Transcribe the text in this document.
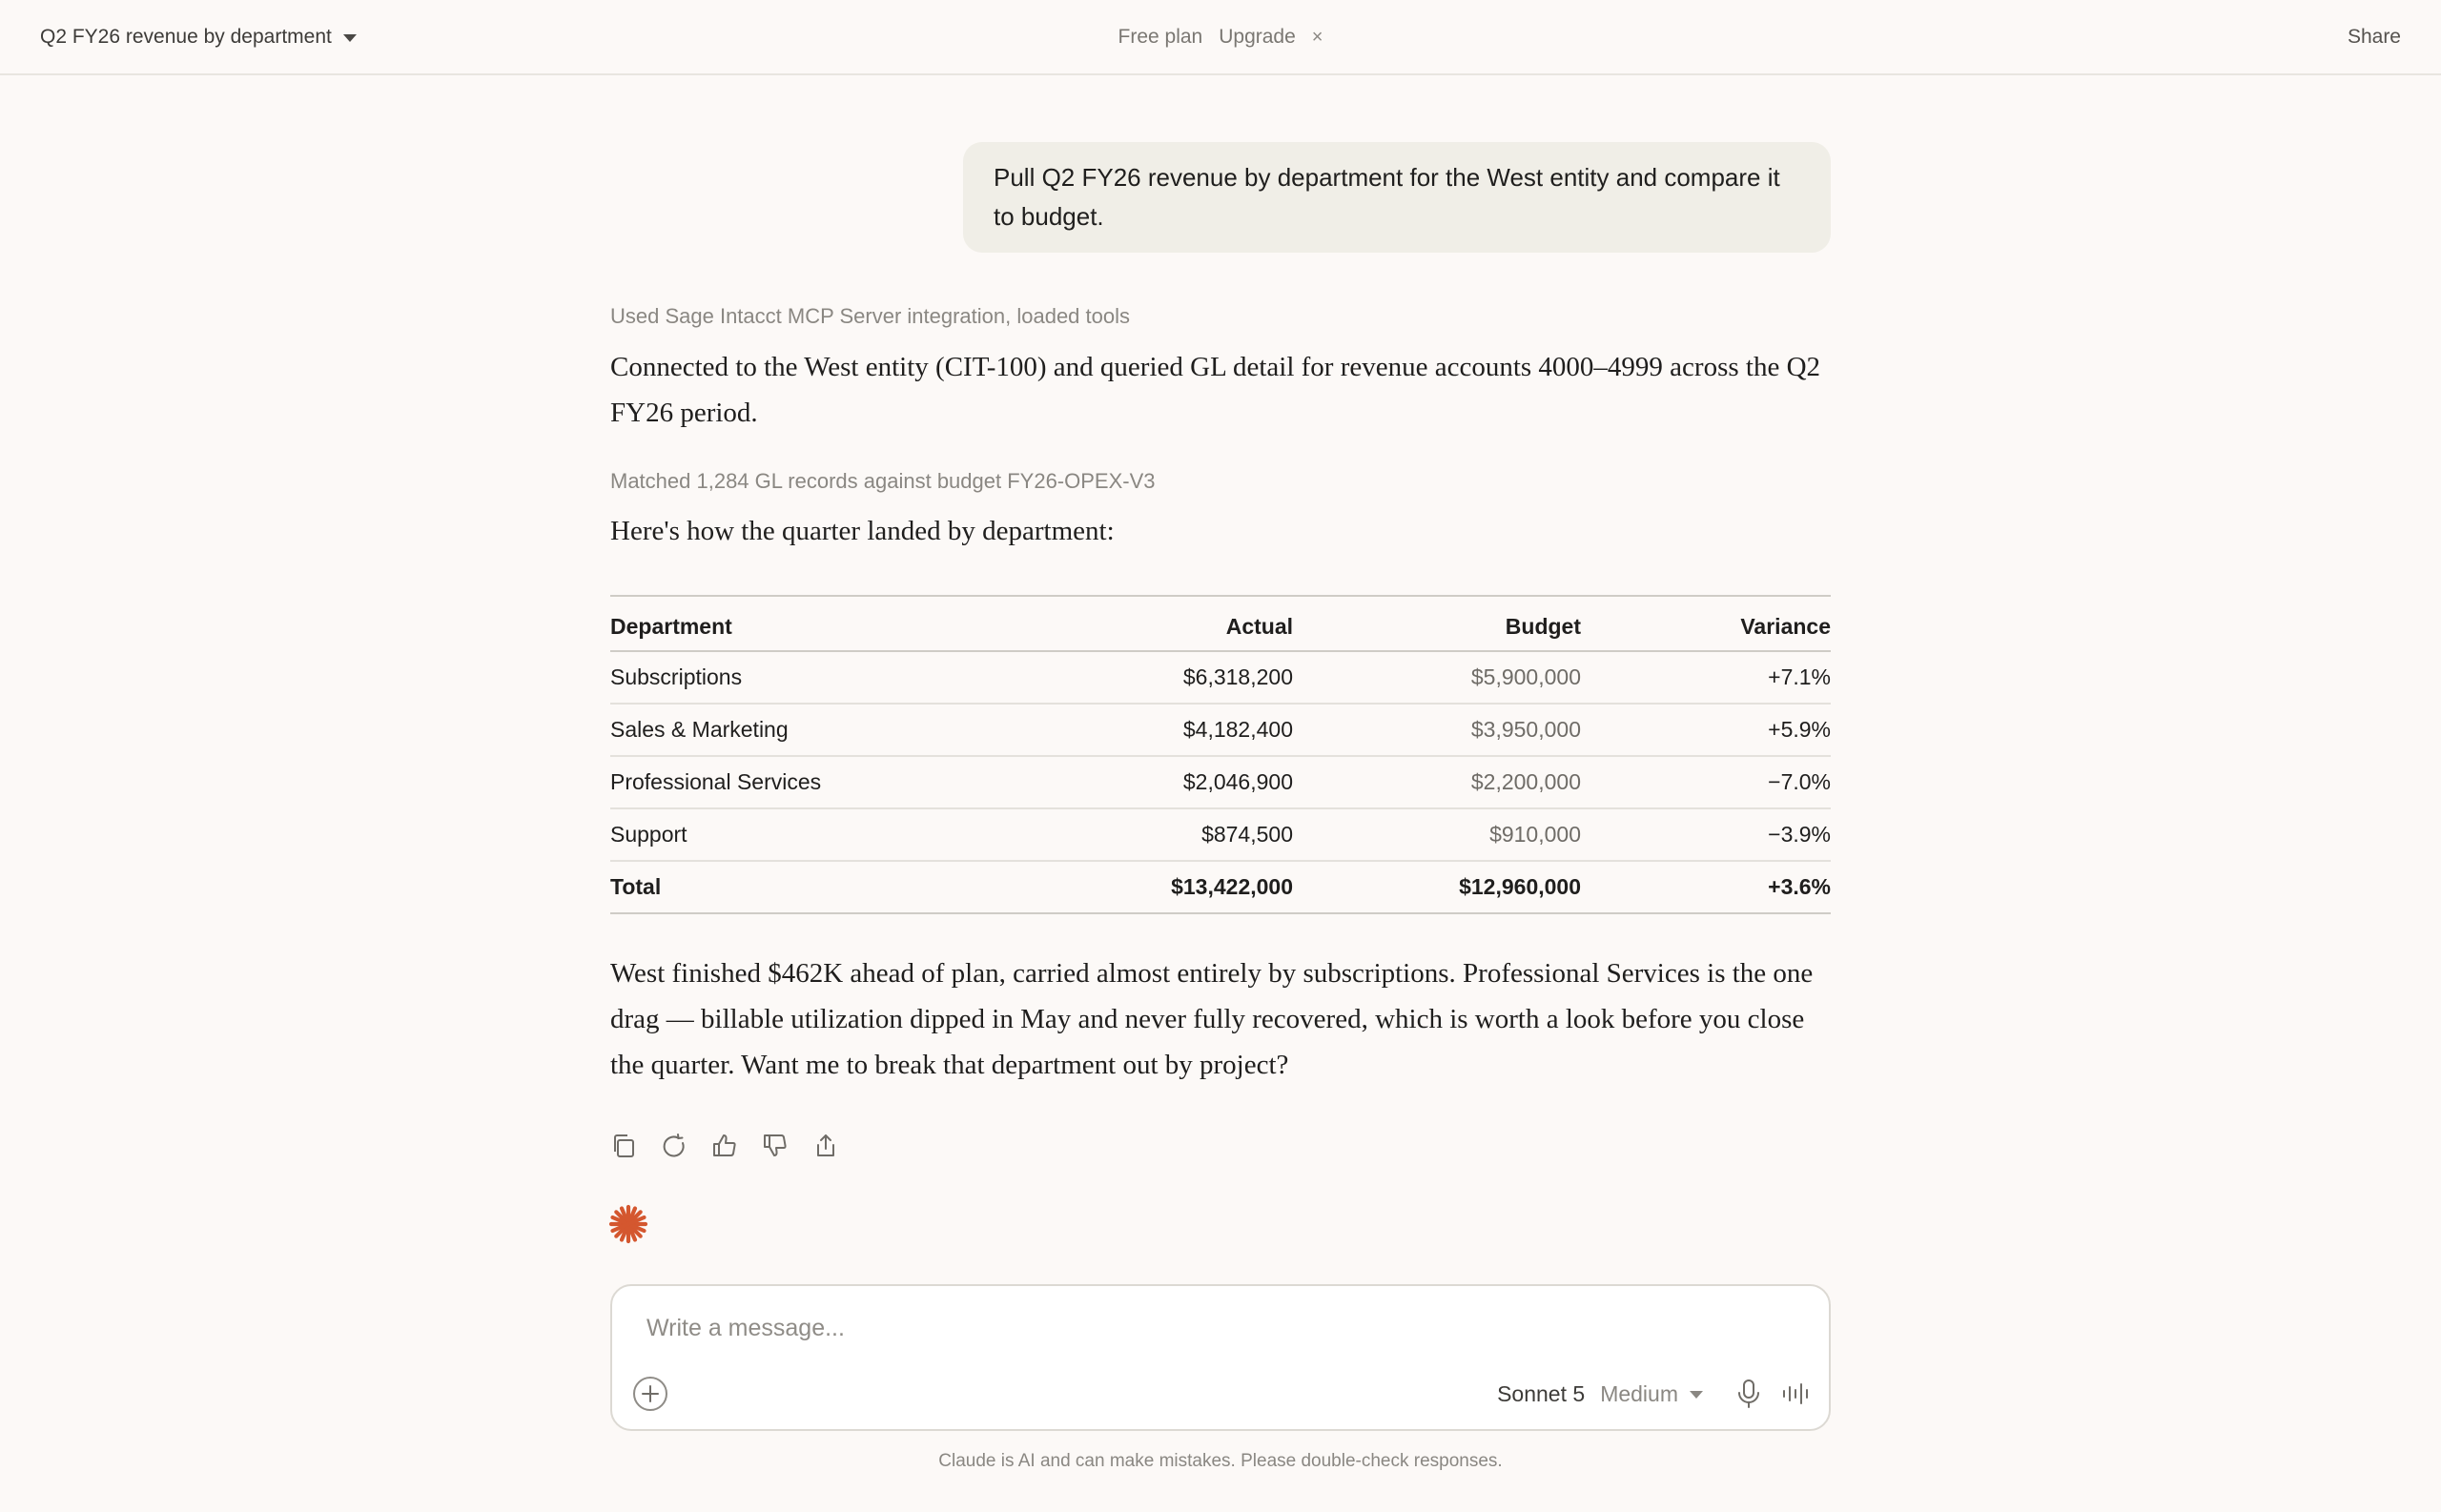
Q2 FY26 revenue by department	Free plan Upgrade ×	Share
Pull Q2 FY26 revenue by department for the West entity and compare it to budget.
Used Sage Intacct MCP Server integration, loaded tools
Connected to the West entity (CIT-100) and queried GL detail for revenue accounts 4000–4999 across the Q2 FY26 period.
Matched 1,284 GL records against budget FY26-OPEX-V3
Here's how the quarter landed by department:
Department	Actual	Budget	Variance
Subscriptions	$6,318,200	$5,900,000	+7.1%
Sales & Marketing	$4,182,400	$3,950,000	+5.9%
Professional Services	$2,046,900	$2,200,000	−7.0%
Support	$874,500	$910,000	−3.9%
Total	$13,422,000	$12,960,000	+3.6%
West finished $462K ahead of plan, carried almost entirely by subscriptions. Professional Services is the one drag — billable utilization dipped in May and never fully recovered, which is worth a look before you close the quarter. Want me to break that department out by project?
Write a message...
Sonnet 5 Medium
Claude is AI and can make mistakes. Please double-check responses.
